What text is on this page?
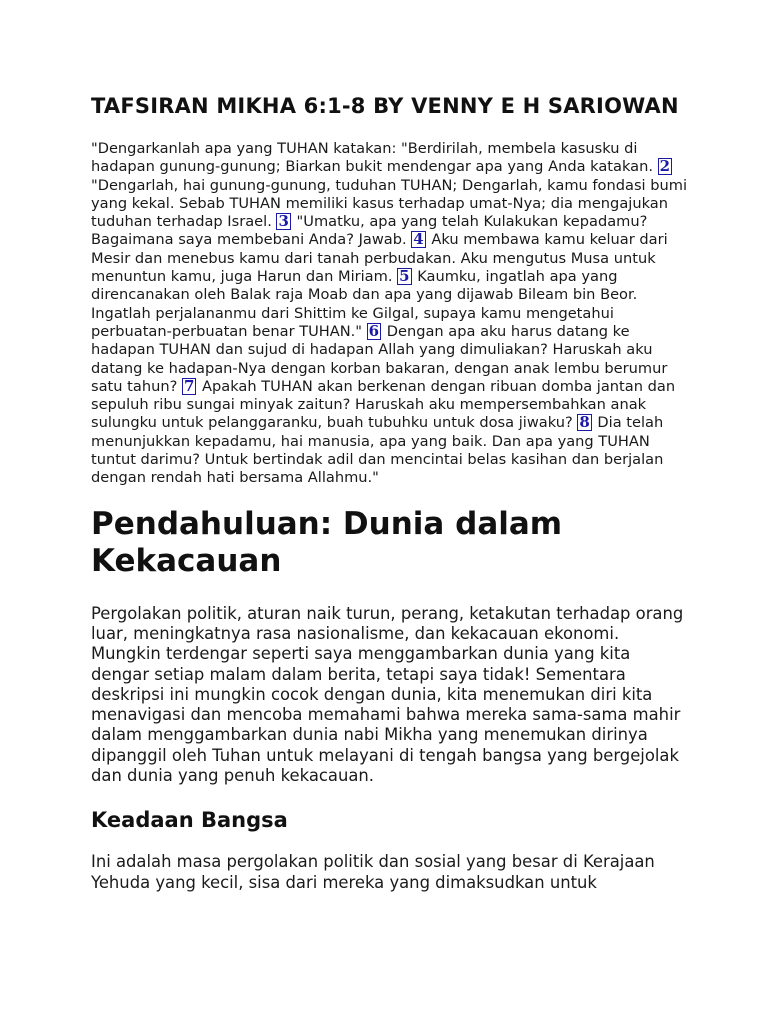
TAFSIRAN MIKHA 6:1-8 BY VENNY E H SARIOWAN

"Dengarkanlah apa yang TUHAN katakan: "Berdirilah, membela kasusku di hadapan gunung-gunung; Biarkan bukit mendengar apa yang Anda katakan. 2 "Dengarlah, hai gunung-gunung, tuduhan TUHAN; Dengarlah, kamu fondasi bumi yang kekal. Sebab TUHAN memiliki kasus terhadap umat-Nya; dia mengajukan tuduhan terhadap Israel. 3 "Umatku, apa yang telah Kulakukan kepadamu? Bagaimana saya membebani Anda? Jawab. 4 Aku membawa kamu keluar dari Mesir dan menebus kamu dari tanah perbudakan. Aku mengutus Musa untuk menuntun kamu, juga Harun dan Miriam. 5 Kaumku, ingatlah apa yang direncanakan oleh Balak raja Moab dan apa yang dijawab Bileam bin Beor. Ingatlah perjalananmu dari Shittim ke Gilgal, supaya kamu mengetahui perbuatan-perbuatan benar TUHAN." 6 Dengan apa aku harus datang ke hadapan TUHAN dan sujud di hadapan Allah yang dimuliakan? Haruskah aku datang ke hadapan-Nya dengan korban bakaran, dengan anak lembu berumur satu tahun? 7 Apakah TUHAN akan berkenan dengan ribuan domba jantan dan sepuluh ribu sungai minyak zaitun? Haruskah aku mempersembahkan anak sulungku untuk pelanggaranku, buah tubuhku untuk dosa jiwaku? 8 Dia telah menunjukkan kepadamu, hai manusia, apa yang baik. Dan apa yang TUHAN tuntut darimu? Untuk bertindak adil dan mencintai belas kasihan dan berjalan dengan rendah hati bersama Allahmu."

Pendahuluan: Dunia dalam Kekacauan

Pergolakan politik, aturan naik turun, perang, ketakutan terhadap orang luar, meningkatnya rasa nasionalisme, dan kekacauan ekonomi. Mungkin terdengar seperti saya menggambarkan dunia yang kita dengar setiap malam dalam berita, tetapi saya tidak! Sementara deskripsi ini mungkin cocok dengan dunia, kita menemukan diri kita menavigasi dan mencoba memahami bahwa mereka sama-sama mahir dalam menggambarkan dunia nabi Mikha yang menemukan dirinya dipanggil oleh Tuhan untuk melayani di tengah bangsa yang bergejolak dan dunia yang penuh kekacauan.

Keadaan Bangsa

Ini adalah masa pergolakan politik dan sosial yang besar di Kerajaan Yehuda yang kecil, sisa dari mereka yang dimaksudkan untuk
